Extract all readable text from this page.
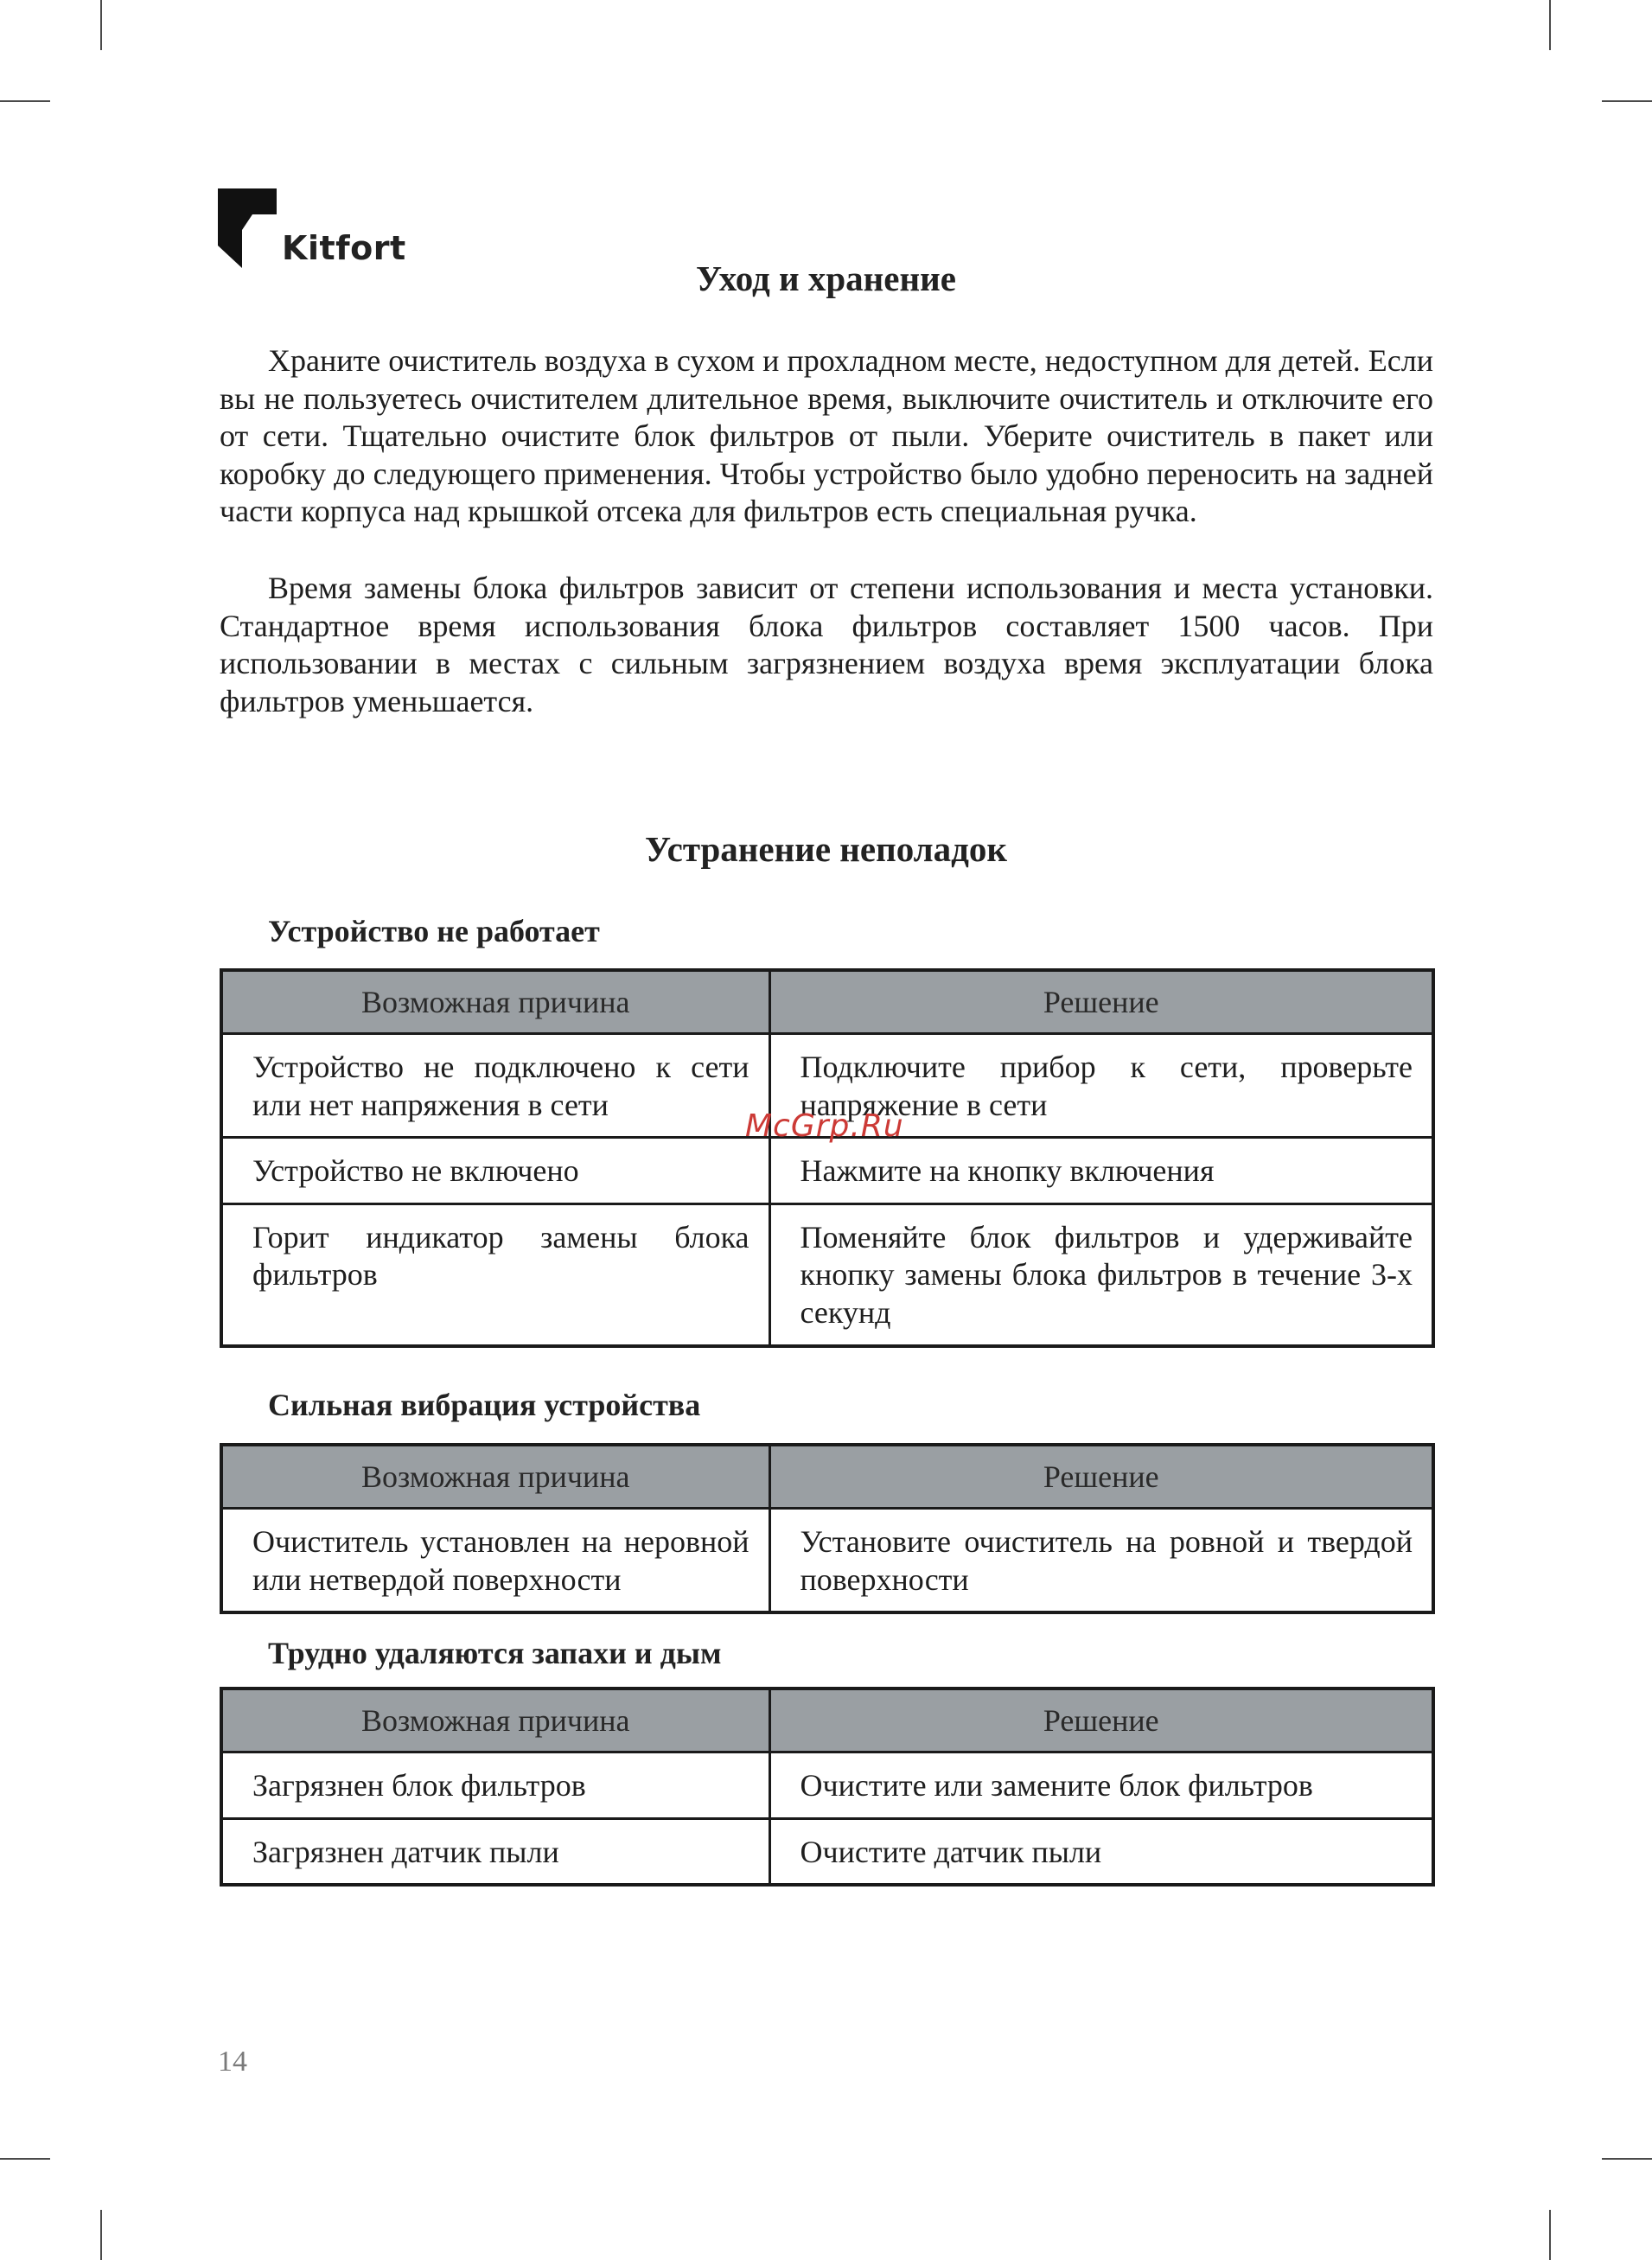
Kitfort
Уход и хранение

Храните очиститель воздуха в сухом и прохладном месте, недоступном для детей. Если вы не пользуетесь очистителем длительное время, выключите очиститель и отключите его от сети. Тщательно очистите блок фильтров от пыли. Уберите очиститель в пакет или коробку до следующего применения. Чтобы устройство было удобно переносить на задней части корпуса над крышкой отсека для фильтров есть специальная ручка.

Время замены блока фильтров зависит от степени использования и места установки. Стандартное время использования блока фильтров составляет 1500 часов. При использовании в местах с сильным загрязнением воздуха время эксплуатации блока фильтров уменьшается.

Устранение неполадок
Устройство не работает
Возможная причина	Решение
Устройство не подключено к сети или нет напряжения в сети	Подключите прибор к сети, проверьте напряжение в сети
Устройство не включено	Нажмите на кнопку включения
Горит индикатор замены блока фильтров	Поменяйте блок фильтров и удерживайте кнопку замены блока фильтров в течение 3-х секунд
Сильная вибрация устройства
Возможная причина	Решение
Очиститель установлен на неровной или нетвердой поверхности	Установите очиститель на ровной и твердой поверхности
Трудно удаляются запахи и дым
Возможная причина	Решение
Загрязнен блок фильтров	Очистите или замените блок фильтров
Загрязнен датчик пыли	Очистите датчик пыли
McGrp.Ru
14
